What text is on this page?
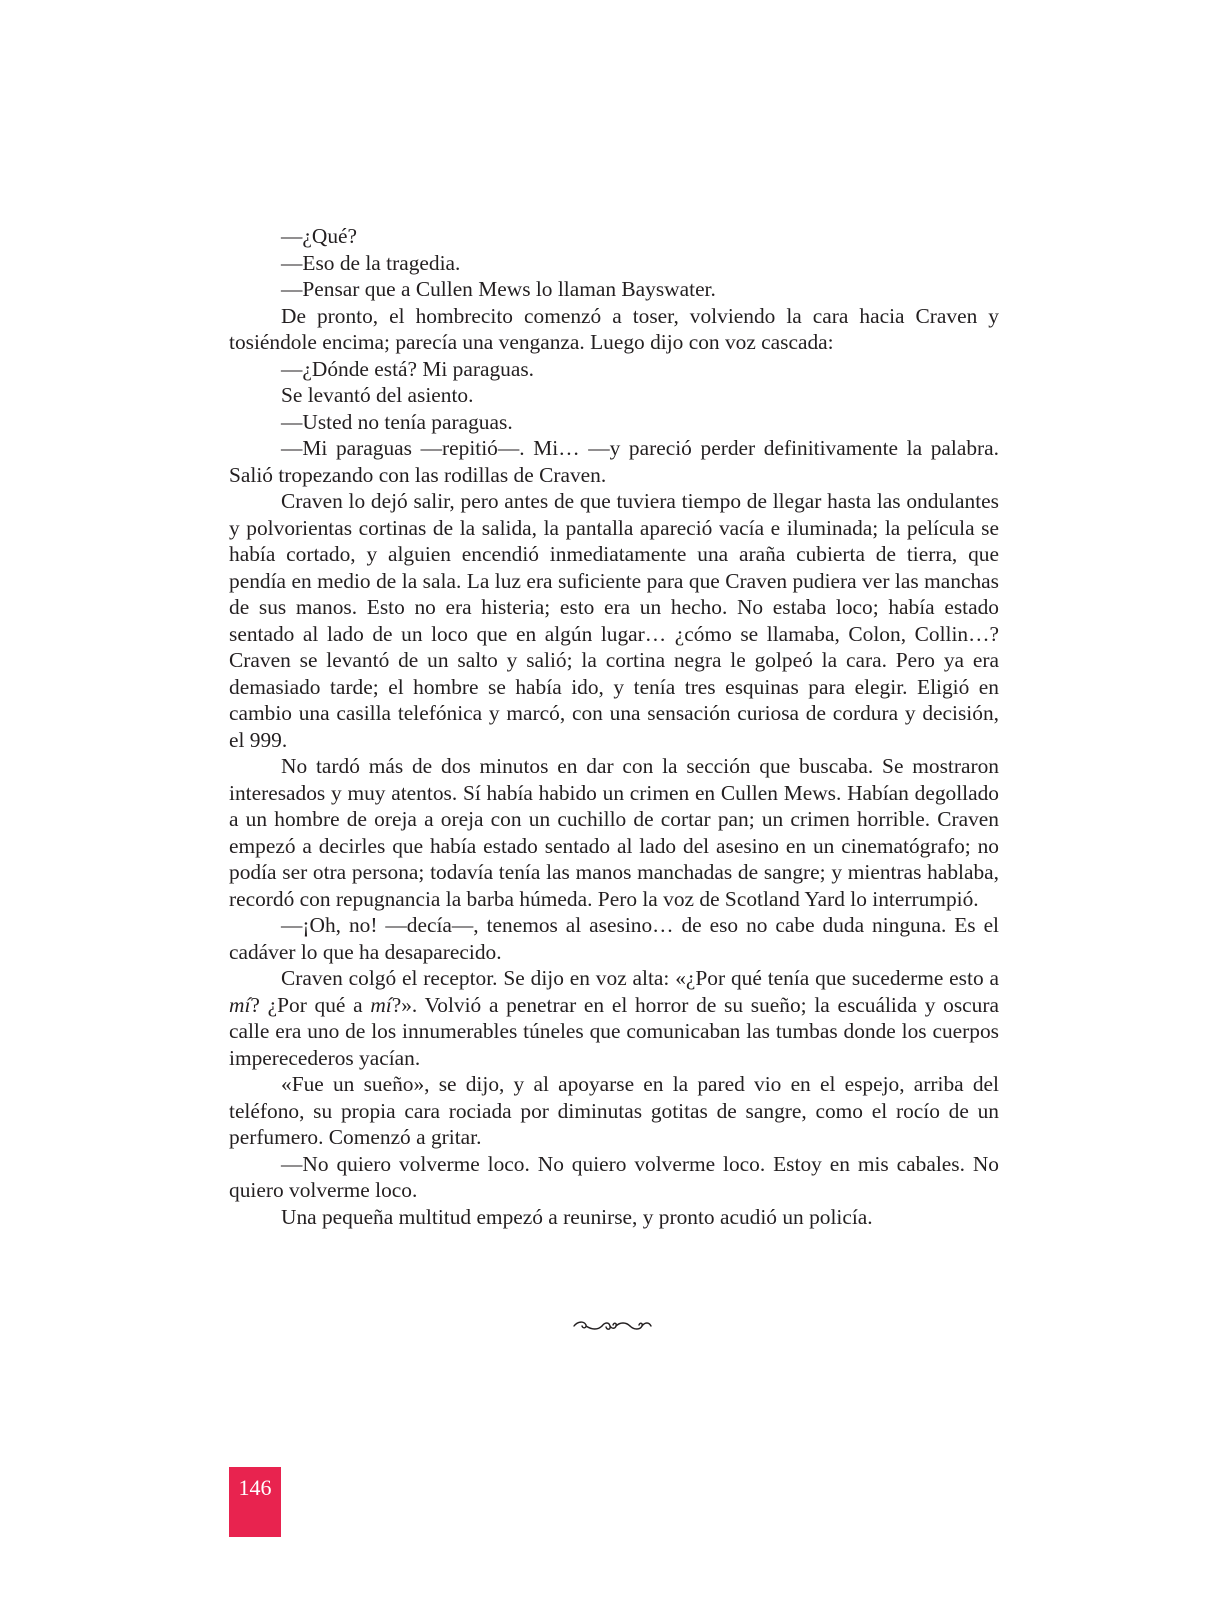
—¿Qué?

—Eso de la tragedia.

—Pensar que a Cullen Mews lo llaman Bayswater.

De pronto, el hombrecito comenzó a toser, volviendo la cara hacia Craven y tosiéndole encima; parecía una venganza. Luego dijo con voz cascada:

—¿Dónde está? Mi paraguas.

Se levantó del asiento.

—Usted no tenía paraguas.

—Mi paraguas —repitió—. Mi… —y pareció perder definitivamente la palabra. Salió tropezando con las rodillas de Craven.

Craven lo dejó salir, pero antes de que tuviera tiempo de llegar hasta las ondulantes y polvorientas cortinas de la salida, la pantalla apareció vacía e iluminada; la película se había cortado, y alguien encendió inmediatamente una araña cubierta de tierra, que pendía en medio de la sala. La luz era suficiente para que Craven pudiera ver las manchas de sus manos. Esto no era histeria; esto era un hecho. No estaba loco; había estado sentado al lado de un loco que en algún lugar… ¿cómo se llamaba, Colon, Collin…? Craven se levantó de un salto y salió; la cortina negra le golpeó la cara. Pero ya era demasiado tarde; el hombre se había ido, y tenía tres esquinas para elegir. Eligió en cambio una casilla telefónica y marcó, con una sensación curiosa de cordura y decisión, el 999.

No tardó más de dos minutos en dar con la sección que buscaba. Se mostraron interesados y muy atentos. Sí había habido un crimen en Cullen Mews. Habían degollado a un hombre de oreja a oreja con un cuchillo de cortar pan; un crimen horrible. Craven empezó a decirles que había estado sentado al lado del asesino en un cinematógrafo; no podía ser otra persona; todavía tenía las manos manchadas de sangre; y mientras hablaba, recordó con repugnancia la barba húmeda. Pero la voz de Scotland Yard lo interrumpió.

—¡Oh, no! —decía—, tenemos al asesino… de eso no cabe duda ninguna. Es el cadáver lo que ha desaparecido.

Craven colgó el receptor. Se dijo en voz alta: «¿Por qué tenía que sucederme esto a mí? ¿Por qué a mí?». Volvió a penetrar en el horror de su sueño; la escuálida y oscura calle era uno de los innumerables túneles que comunicaban las tumbas donde los cuerpos imperecederos yacían.

«Fue un sueño», se dijo, y al apoyarse en la pared vio en el espejo, arriba del teléfono, su propia cara rociada por diminutas gotitas de sangre, como el rocío de un perfumero. Comenzó a gritar.

—No quiero volverme loco. No quiero volverme loco. Estoy en mis cabales. No quiero volverme loco.

Una pequeña multitud empezó a reunirse, y pronto acudió un policía.

146
